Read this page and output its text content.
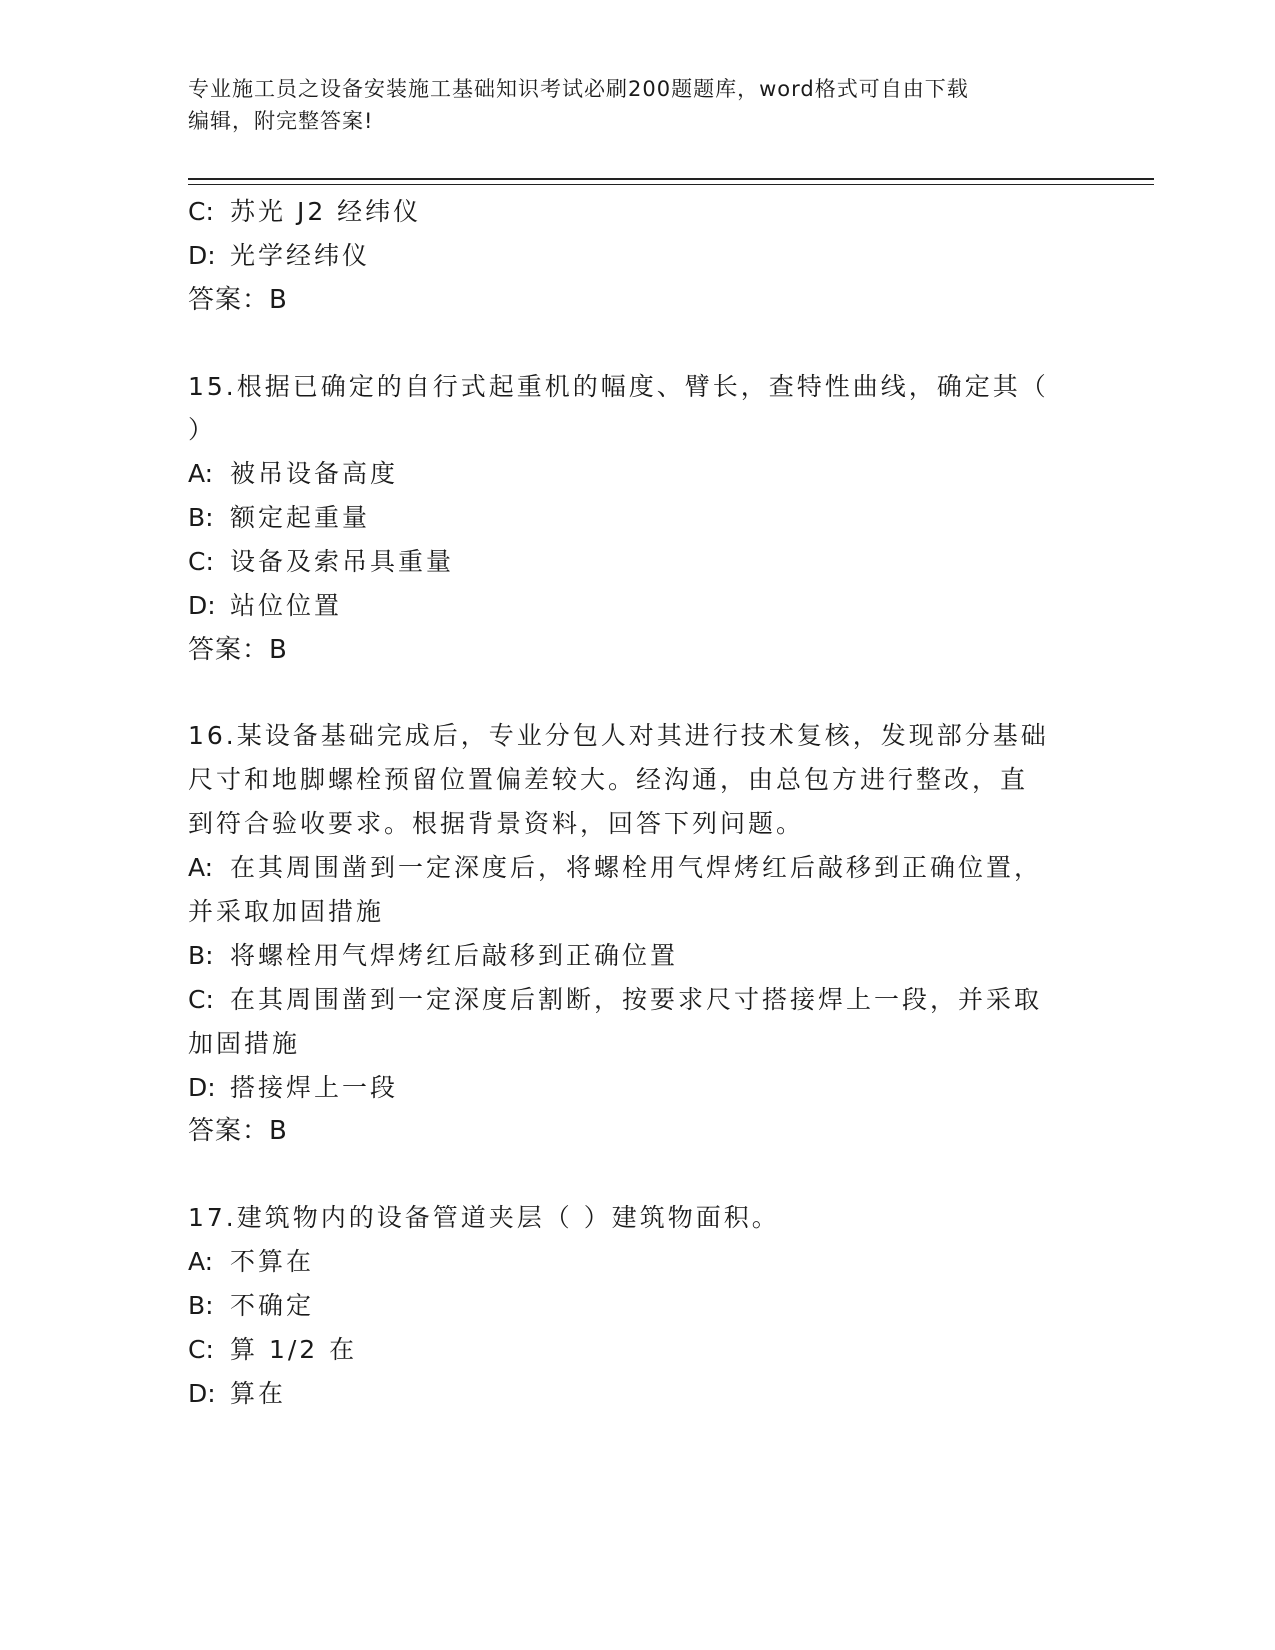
专业施工员之设备安装施工基础知识考试必刷200题题库，word格式可自由下载
编辑，附完整答案!
C: 苏光 J2 经纬仪
D: 光学经纬仪
答案：B
15.根据已确定的自行式起重机的幅度、臂长，查特性曲线，确定其（
）
A: 被吊设备高度
B: 额定起重量
C: 设备及索吊具重量
D: 站位位置
答案：B
16.某设备基础完成后，专业分包人对其进行技术复核，发现部分基础
尺寸和地脚螺栓预留位置偏差较大。经沟通，由总包方进行整改，直
到符合验收要求。根据背景资料，回答下列问题。
A: 在其周围凿到一定深度后，将螺栓用气焊烤红后敲移到正确位置，
并采取加固措施
B: 将螺栓用气焊烤红后敲移到正确位置
C: 在其周围凿到一定深度后割断，按要求尺寸搭接焊上一段，并采取
加固措施
D: 搭接焊上一段
答案：B
17.建筑物内的设备管道夹层（ ）建筑物面积。
A: 不算在
B: 不确定
C: 算 1/2 在
D: 算在
